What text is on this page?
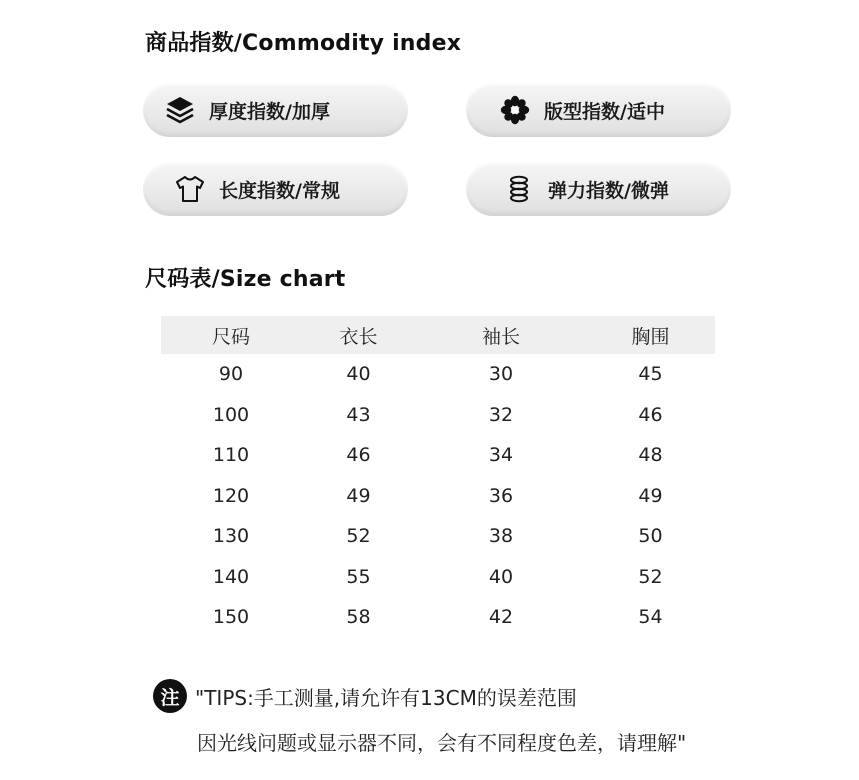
商品指数/Commodity index
厚度指数/加厚	版型指数/适中
长度指数/常规	弹力指数/微弹
尺码表/Size chart
尺码	衣长	袖长	胸围
90	40	30	45
100	43	32	46
110	46	34	48
120	49	36	49
130	52	38	50
140	55	40	52
150	58	42	54
注 "TIPS:手工测量,请允许有13CM的误差范围
因光线问题或显示器不同，会有不同程度色差，请理解"
